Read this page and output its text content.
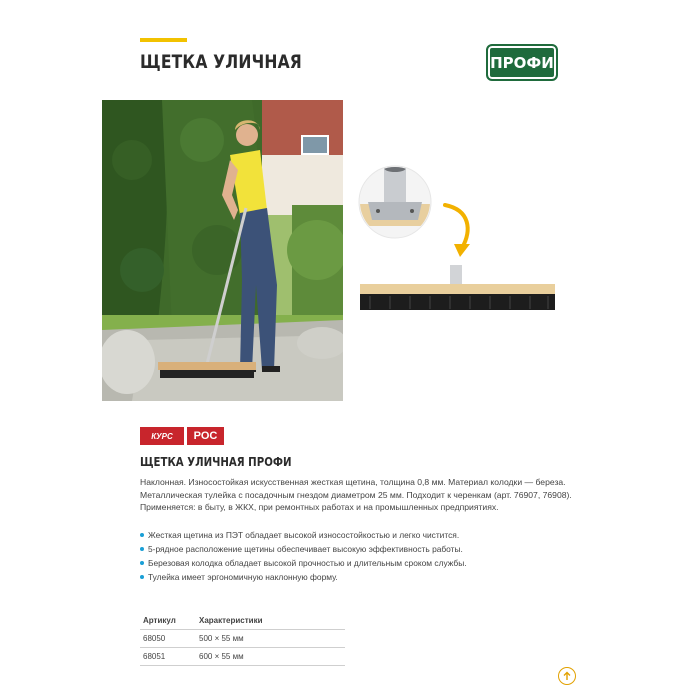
ЩЕТКА УЛИЧНАЯ	ПРОФИ
КУРС РОС
ЩЕТКА УЛИЧНАЯ ПРОФИ

Наклонная. Износостойкая искусственная жесткая щетина, толщина 0,8 мм. Материал колодки — береза.

Металлическая тулейка с посадочным гнездом диаметром 25 мм. Подходит к черенкам (арт. 76907, 76908).

Применяется: в быту, в ЖКХ, при ремонтных работах и на промышленных предприятиях.

Жесткая щетина из ПЭТ обладает высокой износостойкостью и легко чистится.
5-рядное расположение щетины обеспечивает высокую эффективность работы.
Березовая колодка обладает высокой прочностью и длительным сроком службы.
Тулейка имеет эргономичную наклонную форму.
Артикул	Характеристики
68050	500 × 55 мм
68051	600 × 55 мм
